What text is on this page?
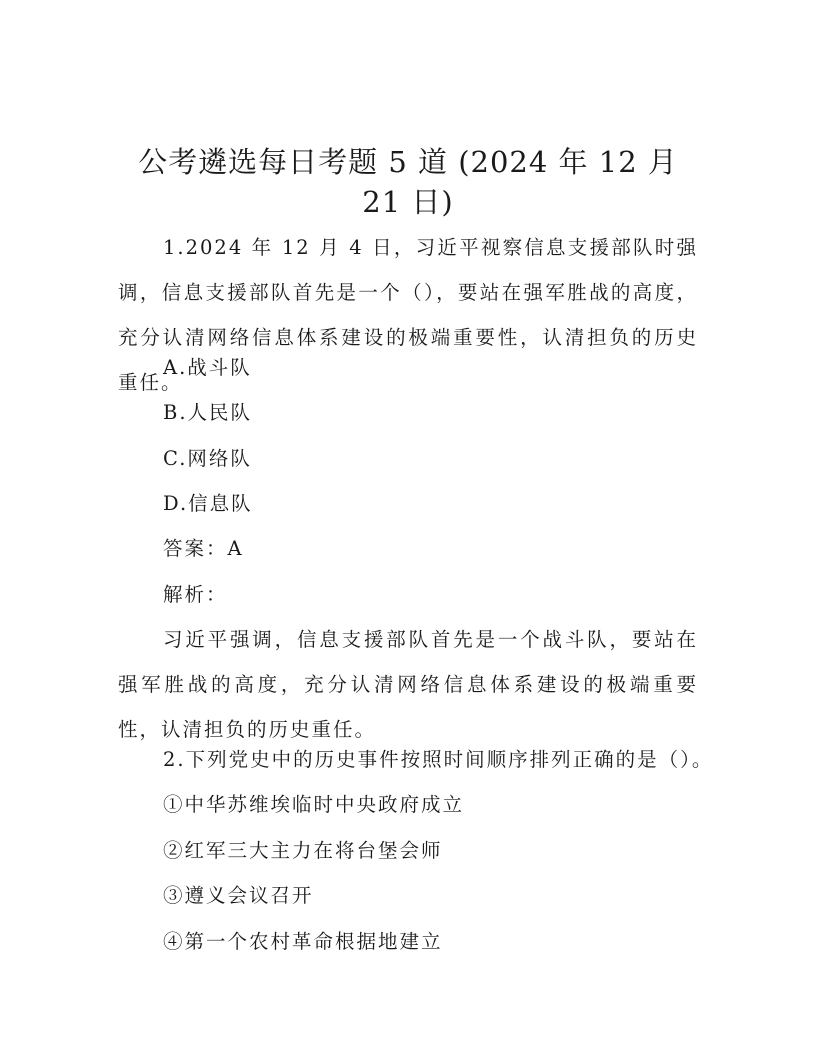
公考遴选每日考题 5 道 (2024 年 12 月 21 日)

1.2024 年 12 月 4 日，习近平视察信息支援部队时强调，信息支援部队首先是一个（），要站在强军胜战的高度，充分认清网络信息体系建设的极端重要性，认清担负的历史重任。

A.战斗队
B.人民队
C.网络队
D.信息队
答案：A
解析：

习近平强调，信息支援部队首先是一个战斗队，要站在强军胜战的高度，充分认清网络信息体系建设的极端重要性，认清担负的历史重任。

2.下列党史中的历史事件按照时间顺序排列正确的是（）。
①中华苏维埃临时中央政府成立
②红军三大主力在将台堡会师
③遵义会议召开
④第一个农村革命根据地建立
